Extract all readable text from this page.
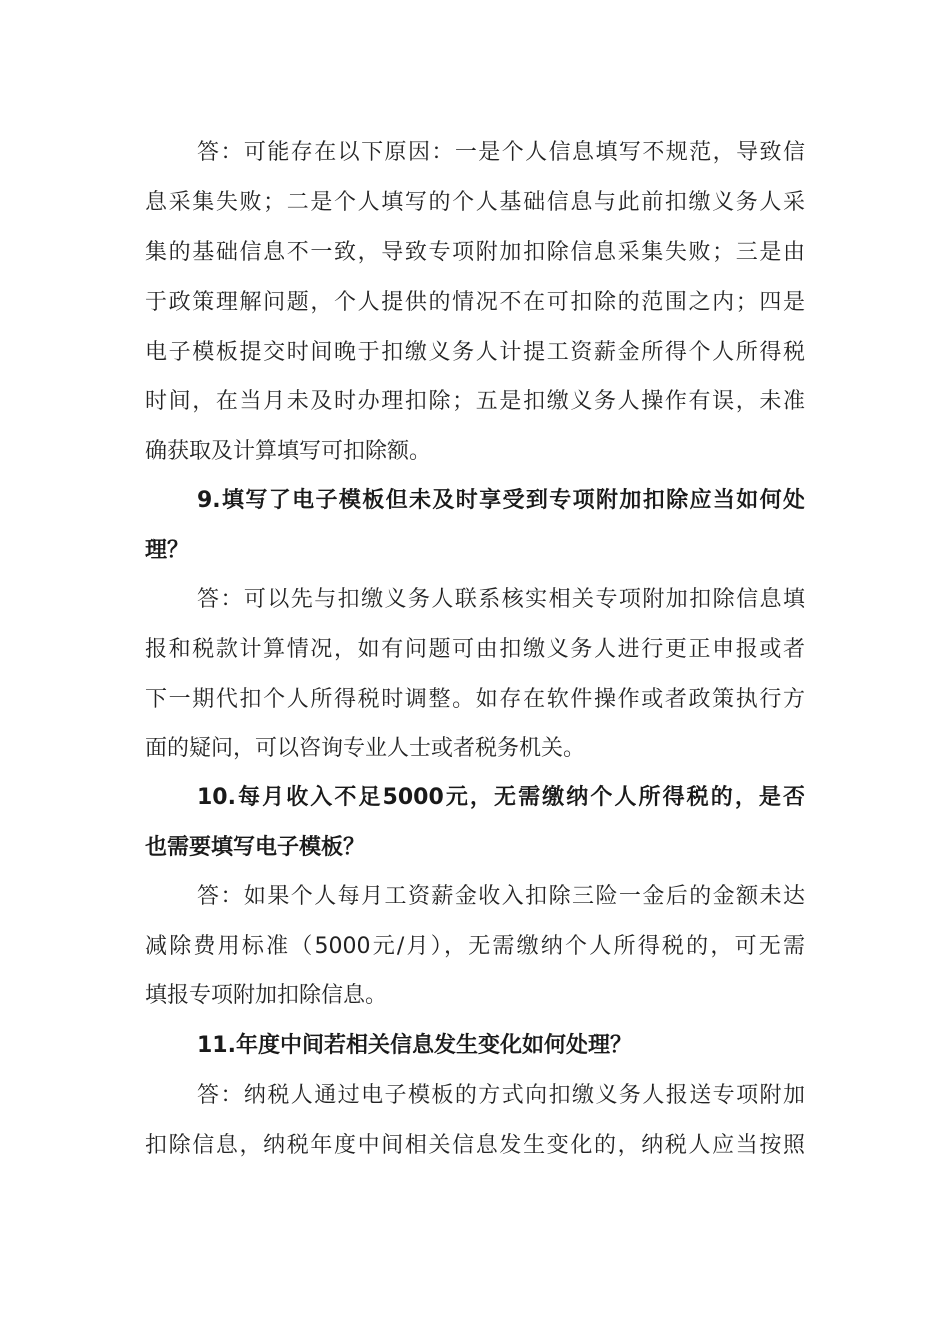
答：可能存在以下原因：一是个人信息填写不规范，导致信
息采集失败；二是个人填写的个人基础信息与此前扣缴义务人采
集的基础信息不一致，导致专项附加扣除信息采集失败；三是由
于政策理解问题，个人提供的情况不在可扣除的范围之内；四是
电子模板提交时间晚于扣缴义务人计提工资薪金所得个人所得税
时间，在当月未及时办理扣除；五是扣缴义务人操作有误，未准
确获取及计算填写可扣除额。
9.填写了电子模板但未及时享受到专项附加扣除应当如何处
理？
答：可以先与扣缴义务人联系核实相关专项附加扣除信息填
报和税款计算情况，如有问题可由扣缴义务人进行更正申报或者
下一期代扣个人所得税时调整。如存在软件操作或者政策执行方
面的疑问，可以咨询专业人士或者税务机关。
10.每月收入不足5000元，无需缴纳个人所得税的，是否
也需要填写电子模板？
答：如果个人每月工资薪金收入扣除三险一金后的金额未达
减除费用标准（5000元/月），无需缴纳个人所得税的，可无需
填报专项附加扣除信息。
11.年度中间若相关信息发生变化如何处理？
答：纳税人通过电子模板的方式向扣缴义务人报送专项附加
扣除信息，纳税年度中间相关信息发生变化的，纳税人应当按照
